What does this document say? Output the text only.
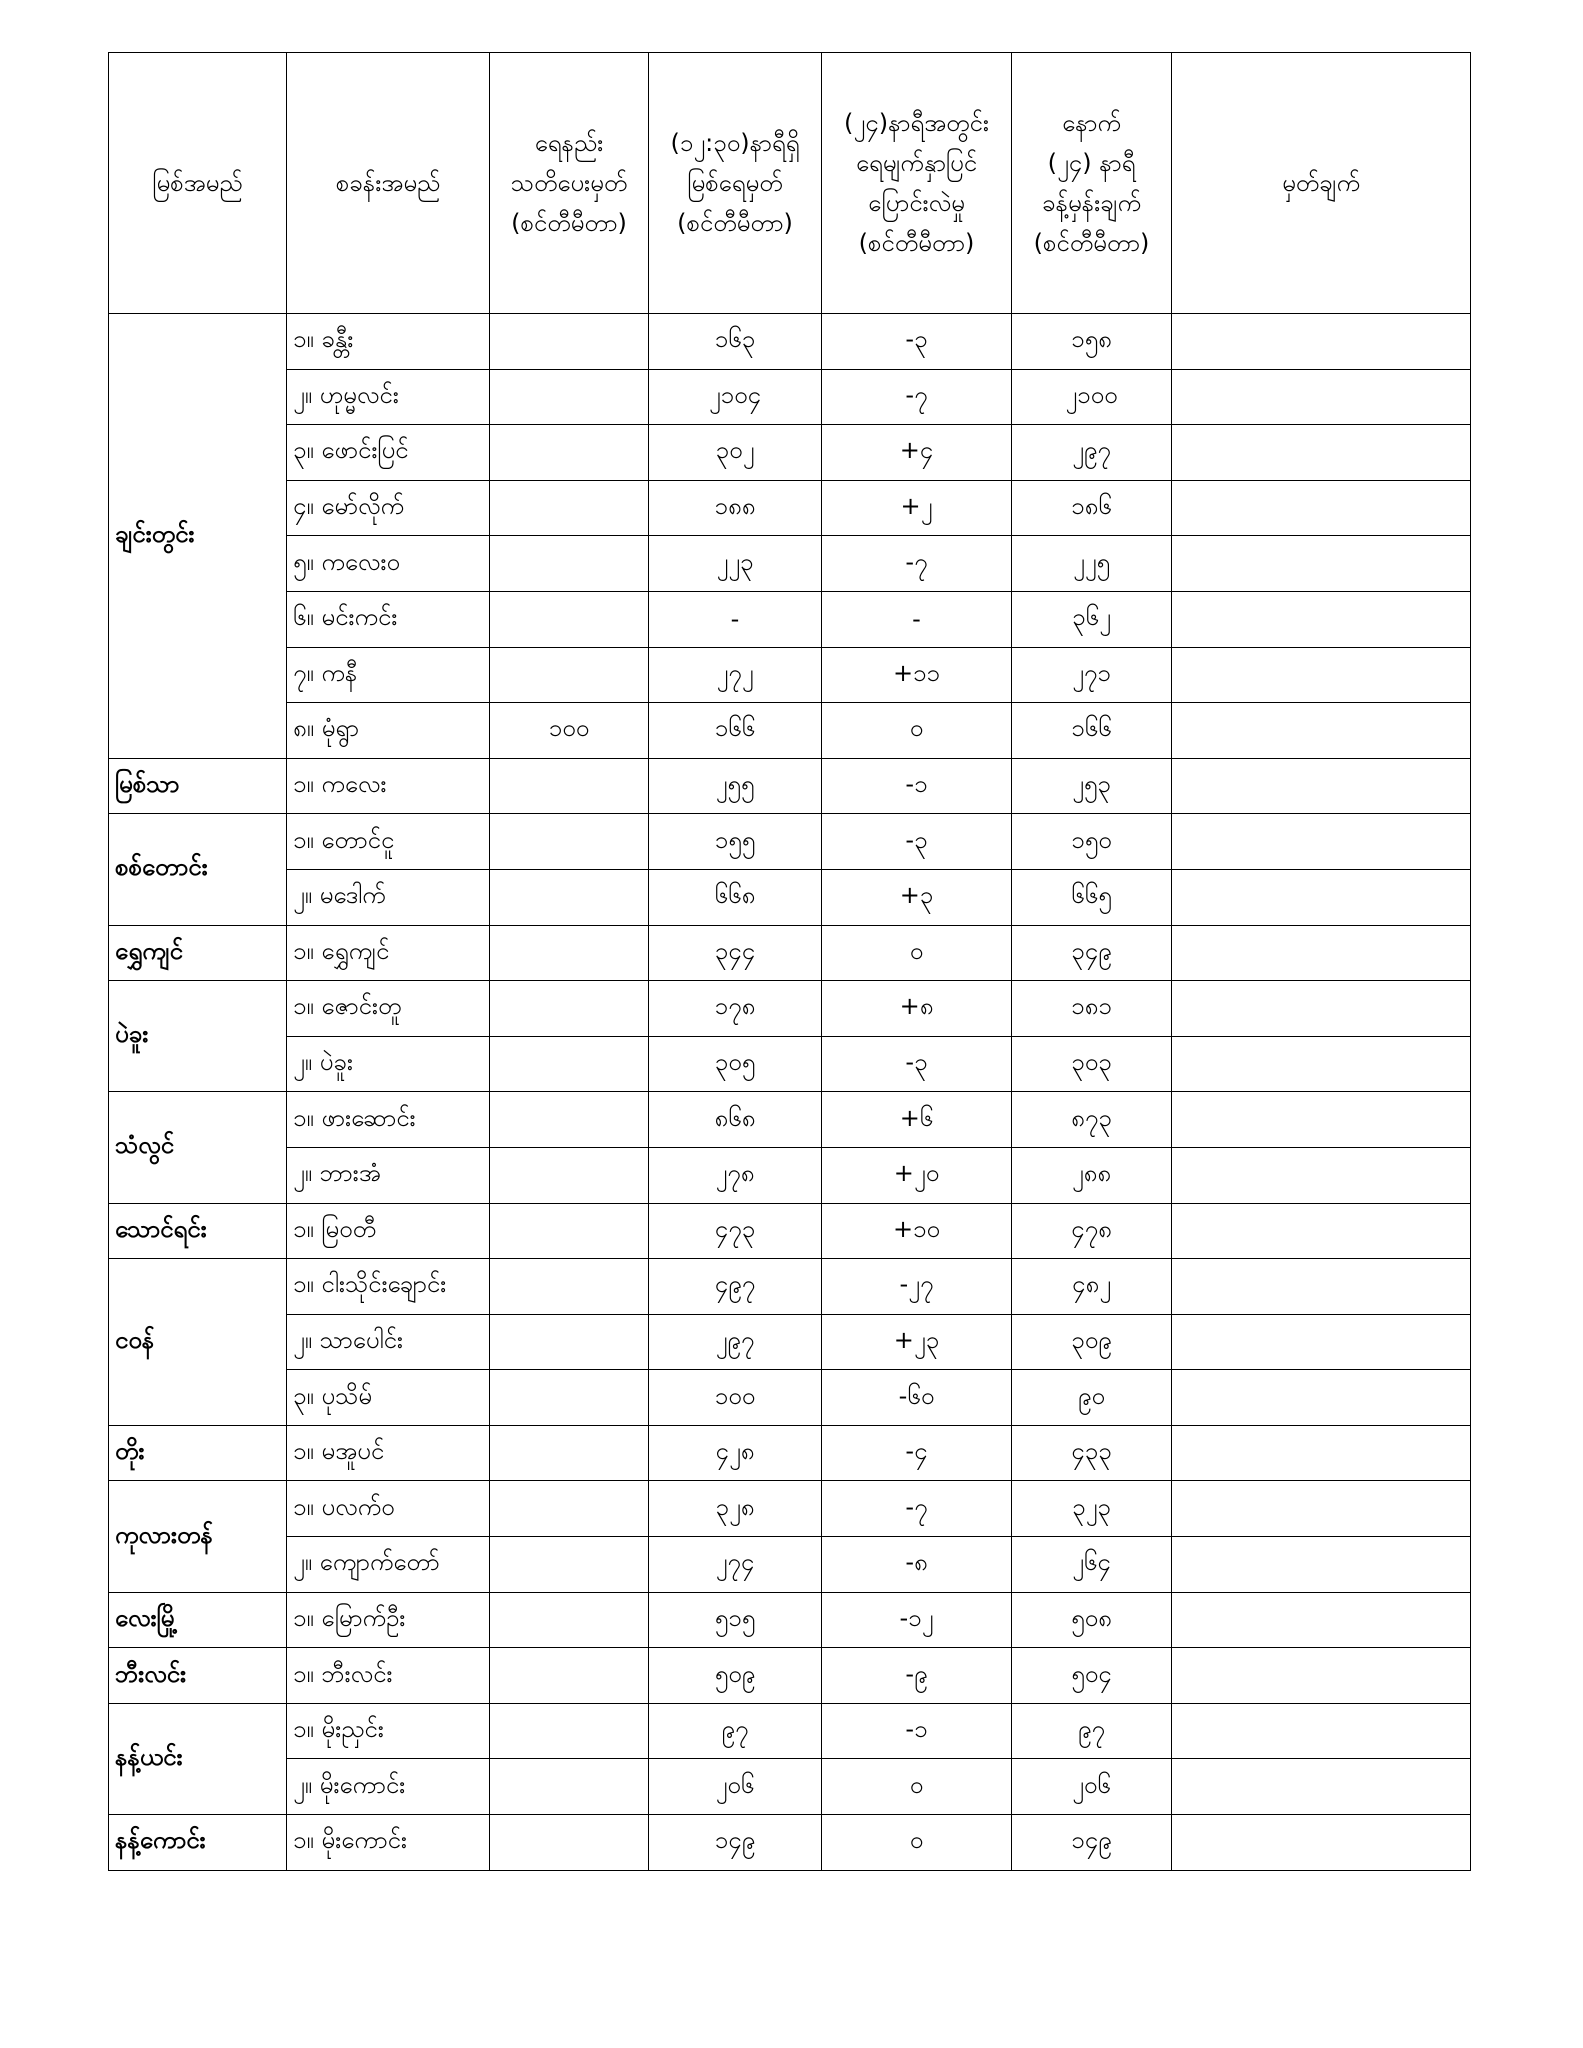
မြစ်အမည်	စခန်းအမည်	ရေနည်း
သတိပေးမှတ်
(စင်တီမီတာ)	(၁၂:၃၀)နာရီရှိ
မြစ်ရေမှတ်
(စင်တီမီတာ)	(၂၄)နာရီအတွင်း
ရေမျက်နှာပြင်
ပြောင်းလဲမှု
(စင်တီမီတာ)	နောက်
(၂၄) နာရီ
ခန့်မှန်းချက်
(စင်တီမီတာ)	မှတ်ချက်
ချင်းတွင်း	၁။ ခန္တီး		၁၆၃	-၃	၁၅၈	
	၂။ ဟုမ္မလင်း		၂၁၀၄	-၇	၂၁၀၀	
	၃။ ဖောင်းပြင်		၃၀၂	+၄	၂၉၇	
	၄။ မော်လိုက်		၁၈၈	+၂	၁၈၆	
	၅။ ကလေးဝ		၂၂၃	-၇	၂၂၅	
	၆။ မင်းကင်း		-	-	၃၆၂	
	၇။ ကနီ		၂၇၂	+၁၁	၂၇၁	
	၈။ မုံရွာ	၁၀၀	၁၆၆	၀	၁၆၆	
မြစ်သာ	၁။ ကလေး		၂၅၅	-၁	၂၅၃	
စစ်တောင်း	၁။ တောင်ငူ		၁၅၅	-၃	၁၅၀	
	၂။ မဒေါက်		၆၆၈	+၃	၆၆၅	
ရွှေကျင်	၁။ ရွှေကျင်		၃၄၄	၀	၃၄၉	
ပဲခူး	၁။ ဇောင်းတူ		၁၇၈	+၈	၁၈၁	
	၂။ ပဲခူး		၃၀၅	-၃	၃၀၃	
သံလွင်	၁။ ဖားဆောင်း		၈၆၈	+၆	၈၇၃	
	၂။ ဘားအံ		၂၇၈	+၂၀	၂၈၈	
သောင်ရင်း	၁။ မြဝတီ		၄၇၃	+၁၀	၄၇၈	
ငဝန်	၁။ ငါးသိုင်းချောင်း		၄၉၇	-၂၇	၄၈၂	
	၂။ သာပေါင်း		၂၉၇	+၂၃	၃၀၉	
	၃။ ပုသိမ်		၁၀၀	-၆၀	၉၀	
တိုး	၁။ မအူပင်		၄၂၈	-၄	၄၃၃	
ကုလားတန်	၁။ ပလက်ဝ		၃၂၈	-၇	၃၂၃	
	၂။ ကျောက်တော်		၂၇၄	-၈	၂၆၄	
လေးမြို့	၁။ မြောက်ဦး		၅၁၅	-၁၂	၅၀၈	
ဘီးလင်း	၁။ ဘီးလင်း		၅၀၉	-၉	၅၀၄	
နန့်ယင်း	၁။ မိုးညှင်း		၉၇	-၁	၉၇	
	၂။ မိုးကောင်း		၂၀၆	၀	၂၀၆	
နန့်ကောင်း	၁။ မိုးကောင်း		၁၄၉	၀	၁၄၉	
